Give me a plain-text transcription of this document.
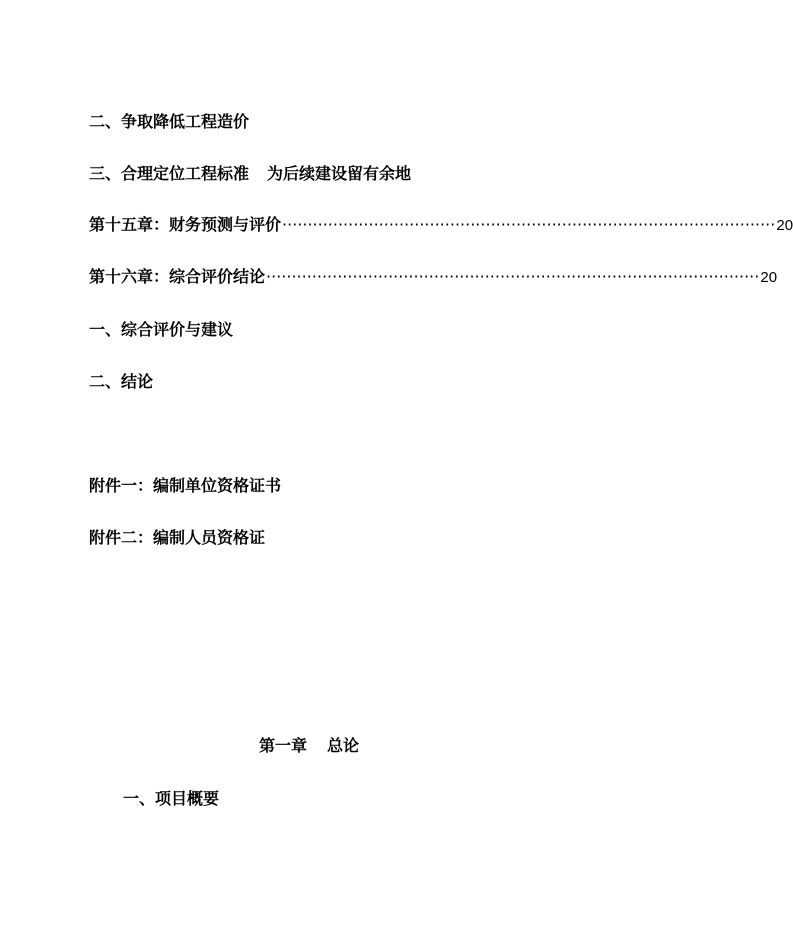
二、争取降低工程造价
三、合理定位工程标准 为后续建设留有余地
第十五章：财务预测与评价 ································································································· 20
第十六章：综合评价结论 ································································································· 20
一、综合评价与建议
二、结论
附件一：编制单位资格证书
附件二：编制人员资格证
第一章 总论
一、项目概要
